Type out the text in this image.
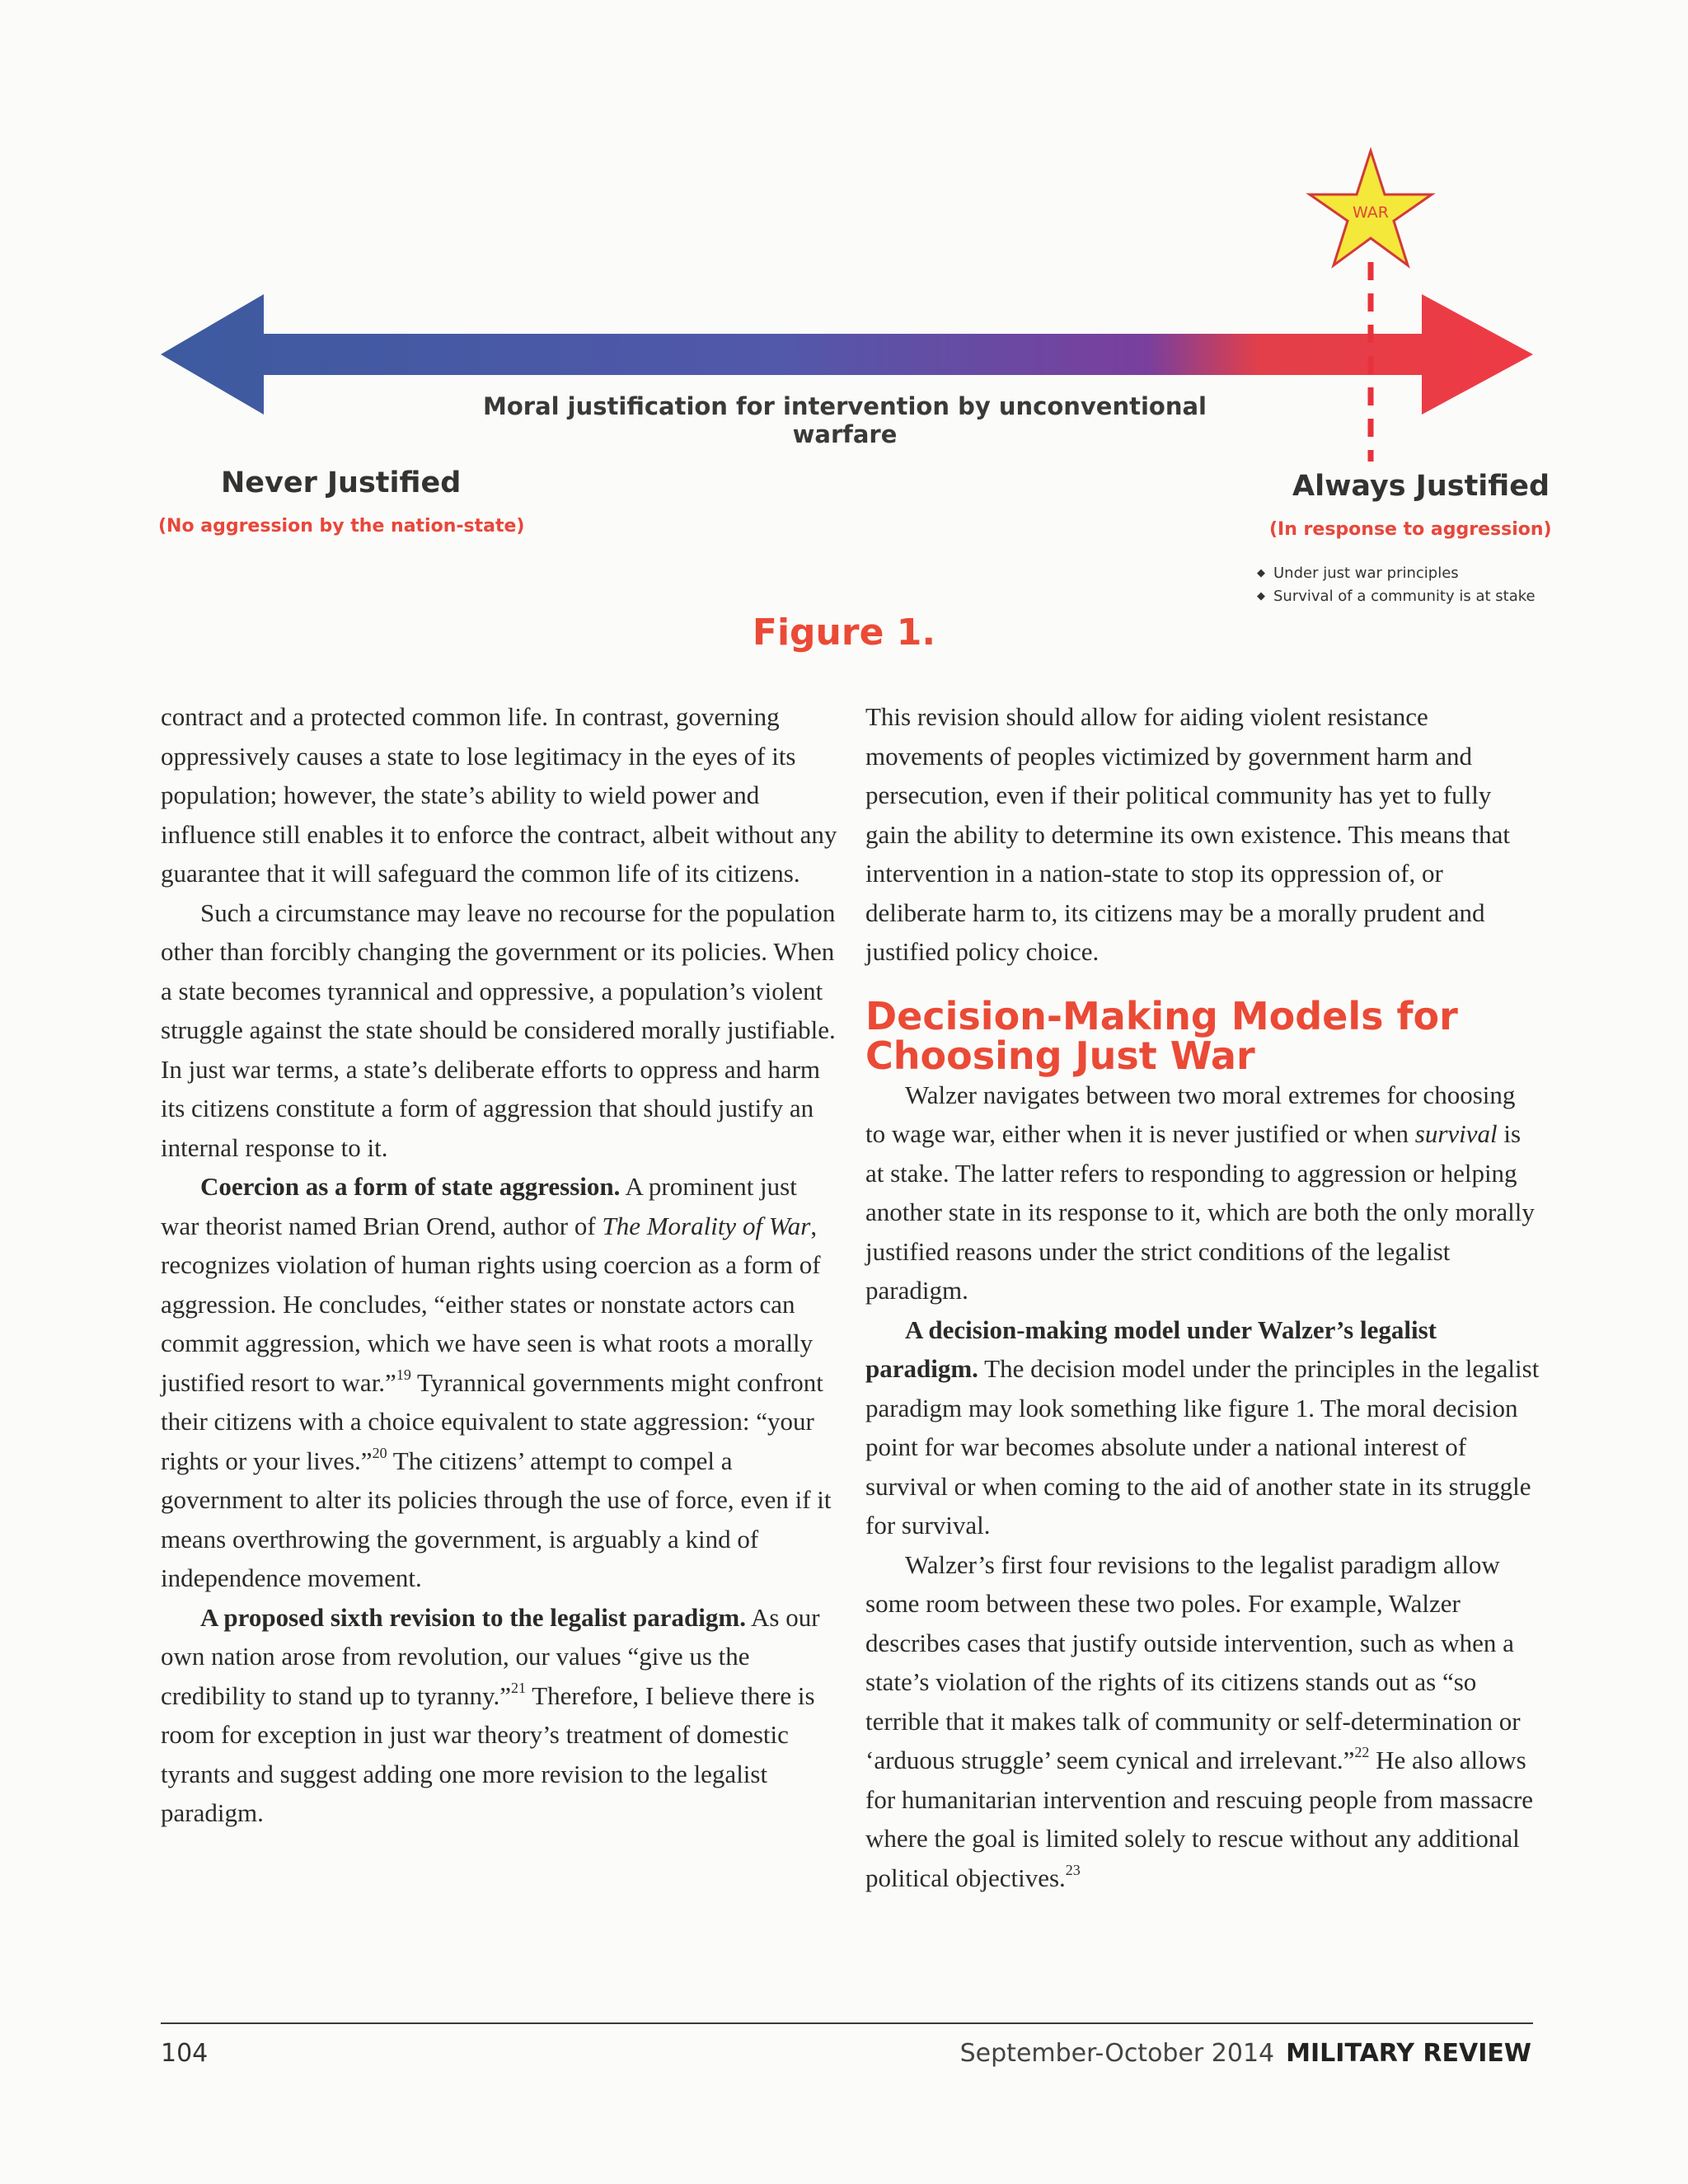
WAR
Moral justification for intervention by unconventional warfare
Never Justified
(No aggression by the nation-state)
Always Justified
(In response to aggression)
◆ Under just war principles
◆ Survival of a community is at stake
Figure 1.

contract and a protected common life. In contrast, governing oppressively causes a state to lose legitimacy in the eyes of its population; however, the state’s ability to wield power and influence still enables it to enforce the contract, albeit without any guarantee that it will safeguard the common life of its citizens.

Such a circumstance may leave no recourse for the population other than forcibly changing the government or its policies. When a state becomes tyrannical and oppressive, a population’s violent struggle against the state should be considered morally justifiable. In just war terms, a state’s deliberate efforts to oppress and harm its citizens constitute a form of aggression that should justify an internal response to it.

Coercion as a form of state aggression. A prominent just war theorist named Brian Orend, author of The Morality of War, recognizes violation of human rights using coercion as a form of aggression. He concludes, “either states or nonstate actors can commit aggression, which we have seen is what roots a morally justified resort to war.”$^{19}$ Tyrannical governments might confront their citizens with a choice equivalent to state aggression: “your rights or your lives.”$^{20}$ The citizens’ attempt to compel a government to alter its policies through the use of force, even if it means overthrowing the government, is arguably a kind of independence movement.

A proposed sixth revision to the legalist paradigm. As our own nation arose from revolution, our values “give us the credibility to stand up to tyranny.”$^{21}$ Therefore, I believe there is room for exception in just war theory’s treatment of domestic tyrants and suggest adding one more revision to the legalist paradigm.

This revision should allow for aiding violent resistance movements of peoples victimized by government harm and persecution, even if their political community has yet to fully gain the ability to determine its own existence. This means that intervention in a nation-state to stop its oppression of, or deliberate harm to, its citizens may be a morally prudent and justified policy choice.

Decision-Making Models for Choosing Just War

Walzer navigates between two moral extremes for choosing to wage war, either when it is never justified or when survival is at stake. The latter refers to responding to aggression or helping another state in its response to it, which are both the only morally justified reasons under the strict conditions of the legalist paradigm.

A decision-making model under Walzer’s legalist paradigm. The decision model under the principles in the legalist paradigm may look something like figure 1. The moral decision point for war becomes absolute under a national interest of survival or when coming to the aid of another state in its struggle for survival.

Walzer’s first four revisions to the legalist paradigm allow some room between these two poles. For example, Walzer describes cases that justify outside intervention, such as when a state’s violation of the rights of its citizens stands out as “so terrible that it makes talk of community or self-determination or ‘arduous struggle’ seem cynical and irrelevant.”$^{22}$ He also allows for humanitarian intervention and rescuing people from massacre where the goal is limited solely to rescue without any additional political objectives.$^{23}$

104	September-October 2014 MILITARY REVIEW
